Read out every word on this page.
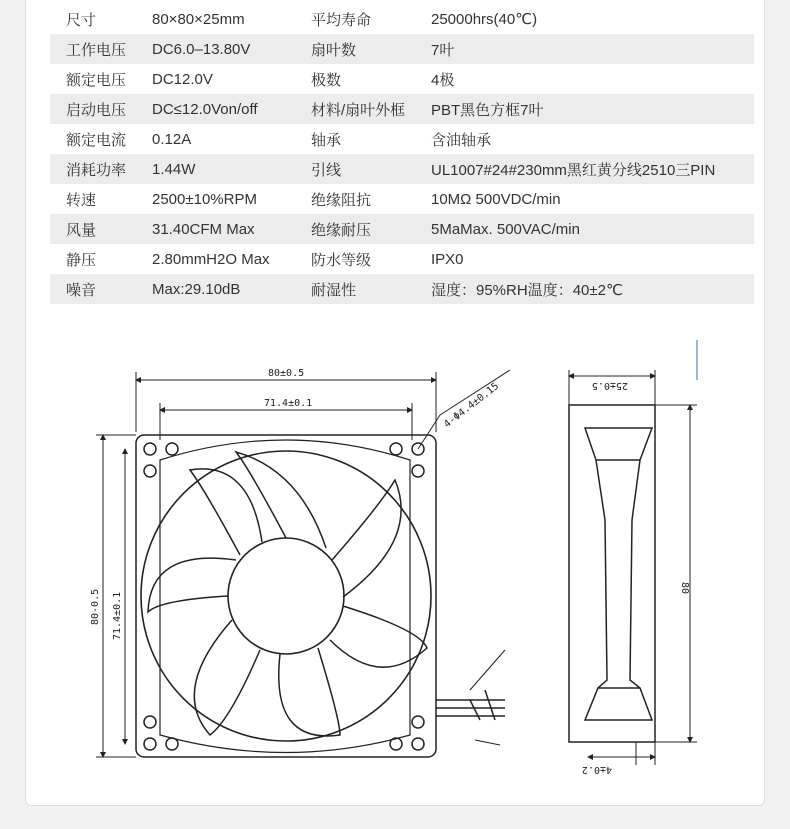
尺寸	80×80×25mm	平均寿命	25000hrs(40℃)
工作电压	DC6.0–13.80V	扇叶数	7叶
额定电压	DC12.0V	极数	4极
启动电压	DC≤12.0Von/off	材料/扇叶外框	PBT黑色方框7叶
额定电流	0.12A	轴承	含油轴承
消耗功率	1.44W	引线	UL1007#24#230mm黑红黄分线2510三PIN
转速	2500±10%RPM	绝缘阻抗	10MΩ 500VDC/min
风量	31.40CFM Max	绝缘耐压	5MaMax. 500VAC/min
静压	2.80mmH2O Max	防水等级	IPX0
噪音	Max:29.10dB	耐湿性	湿度：95%RH温度：40±2℃
80±0.5
71.4±0.1	4-Φ4.4±0.15
80-0.5 71.4±0.1
25±0.5
80
4±0.2
